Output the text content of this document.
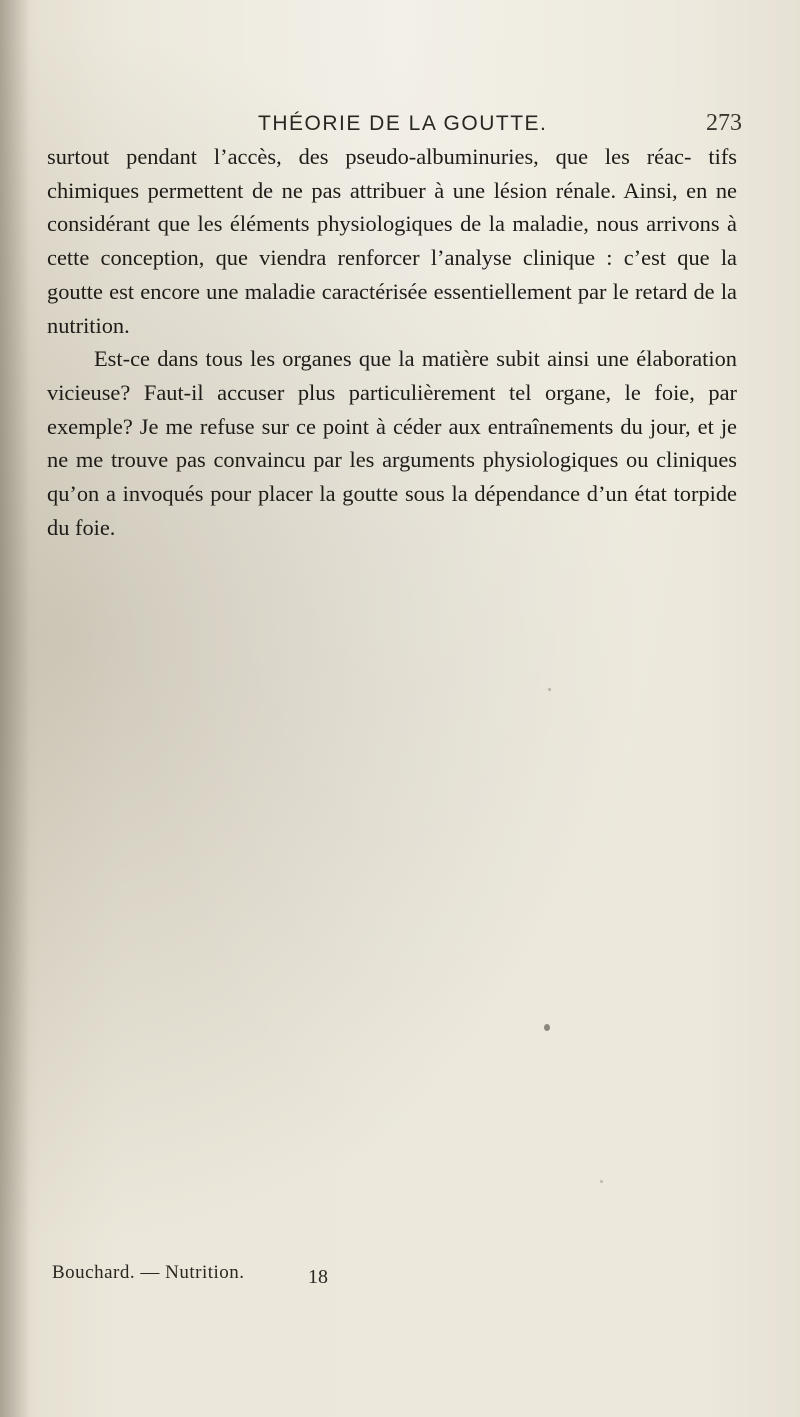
THÉORIE DE LA GOUTTE.	273

surtout pendant l’accès, des pseudo-albuminuries, que les réac- tifs chimiques permettent de ne pas attribuer à une lésion rénale. Ainsi, en ne considérant que les éléments physiologiques de la maladie, nous arrivons à cette conception, que viendra renforcer l’analyse clinique : c’est que la goutte est encore une maladie caractérisée essentiellement par le retard de la nutrition.

Est-ce dans tous les organes que la matière subit ainsi une élaboration vicieuse? Faut-il accuser plus particulièrement tel organe, le foie, par exemple? Je me refuse sur ce point à céder aux entraînements du jour, et je ne me trouve pas convaincu par les arguments physiologiques ou cliniques qu’on a invoqués pour placer la goutte sous la dépendance d’un état torpide du foie.

Bouchard. — Nutrition.	18
